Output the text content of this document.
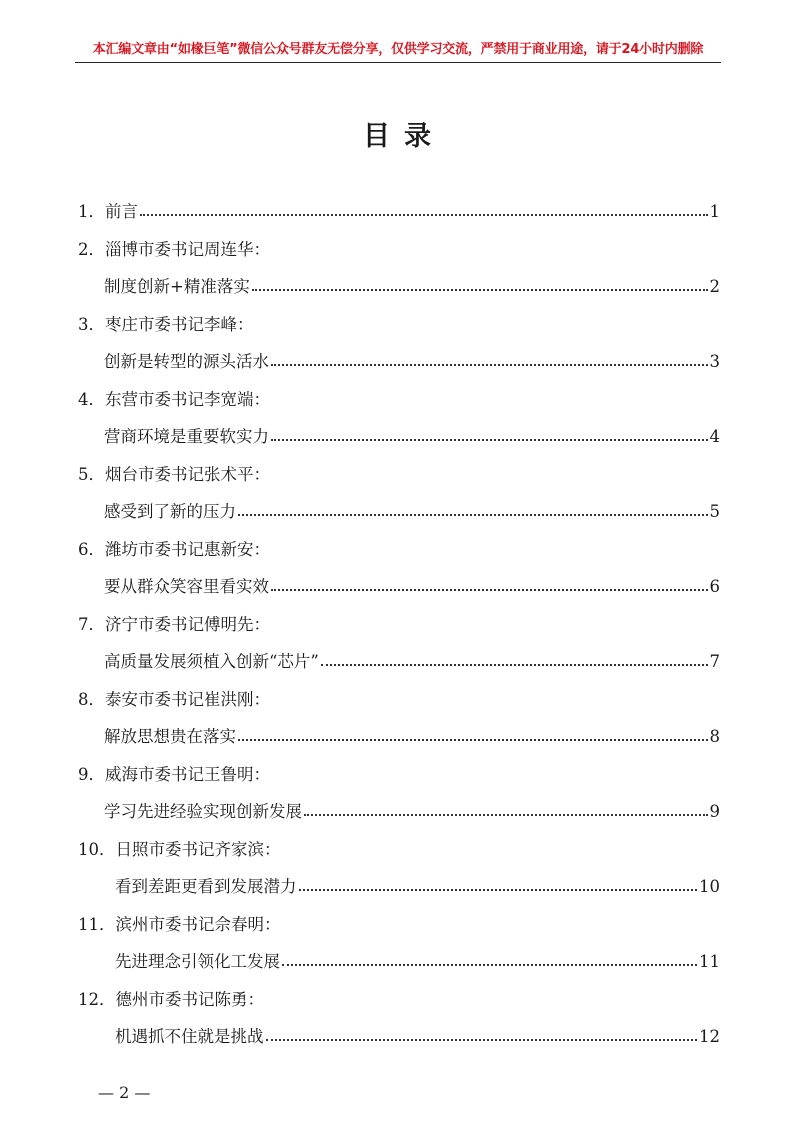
本汇编文章由“如椽巨笔”微信公众号群友无偿分享，仅供学习交流，严禁用于商业用途，请于24小时内删除
目录
1． 前言	1
2． 淄博市委书记周连华：
制度创新+精准落实	2
3． 枣庄市委书记李峰：
创新是转型的源头活水	3
4． 东营市委书记李宽端：
营商环境是重要软实力	4
5． 烟台市委书记张术平：
感受到了新的压力	5
6． 潍坊市委书记惠新安：
要从群众笑容里看实效	6
7． 济宁市委书记傅明先：
高质量发展须植入创新“芯片”	7
8． 泰安市委书记崔洪刚：
解放思想贵在落实	8
9． 威海市委书记王鲁明：
学习先进经验实现创新发展	9
10． 日照市委书记齐家滨：
看到差距更看到发展潜力	10
11． 滨州市委书记佘春明：
先进理念引领化工发展	11
12． 德州市委书记陈勇：
机遇抓不住就是挑战	12
— 2 —
